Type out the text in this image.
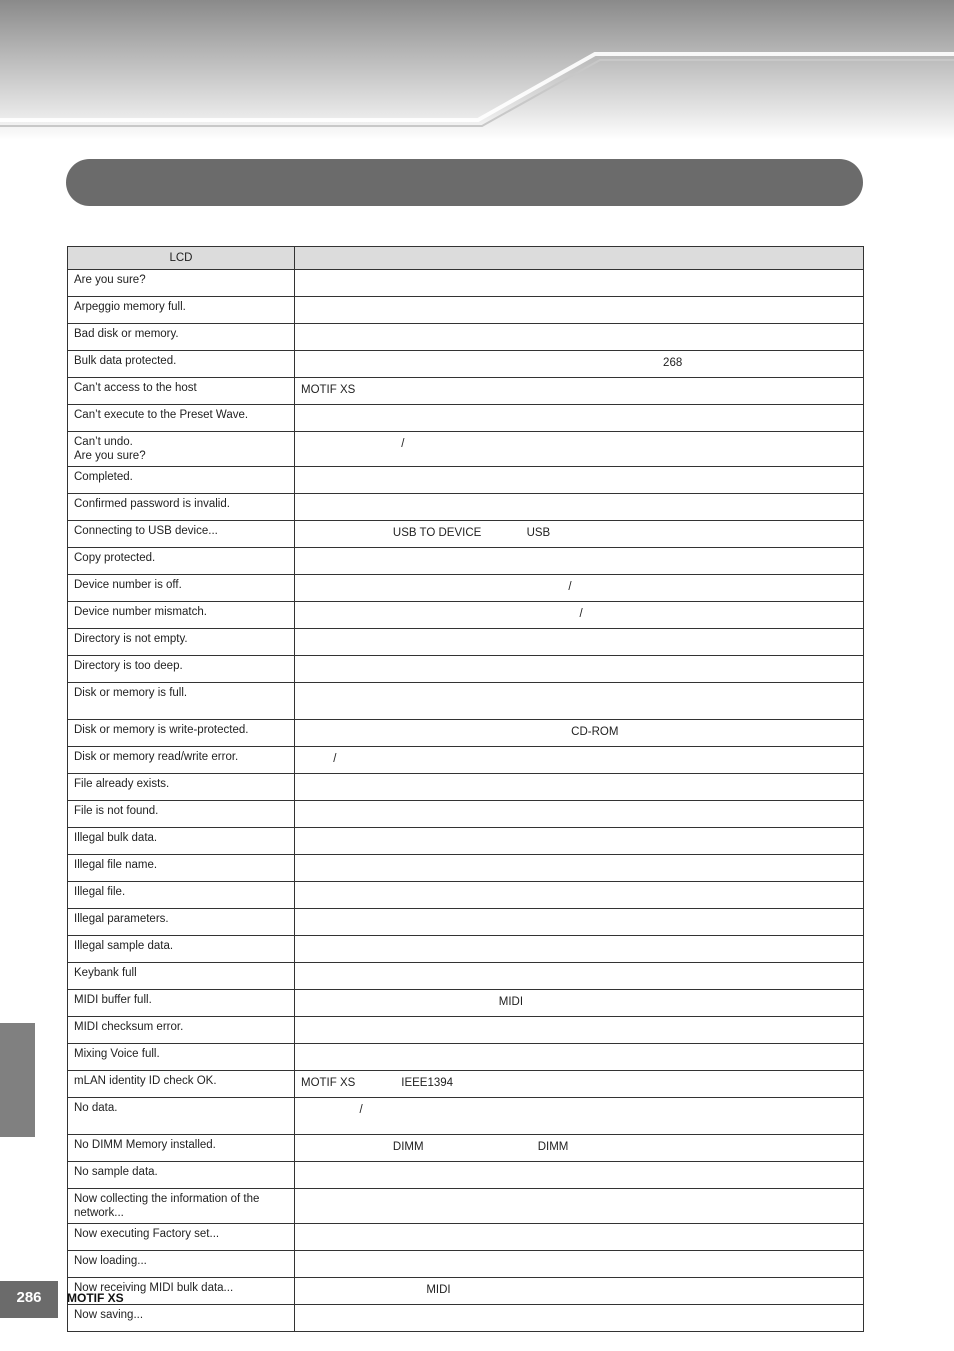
LCD	
Are you sure?	
Arpeggio memory full.	
Bad disk or memory.	
Bulk data protected.	268

Can’t access to the host	MOTIF XS

Can’t execute to the Preset Wave.	
Can’t undo.
Are you sure?	/

Completed.	
Confirmed password is invalid.	
Connecting to USB device...	USB TO DEVICE USB

Copy protected.	
Device number is off.	/

Device number mismatch.	/

Directory is not empty.	
Directory is too deep.	
Disk or memory is full.	
Disk or memory is write-protected.	CD-ROM

Disk or memory read/write error.	/

File already exists.	
File is not found.	
Illegal bulk data.	
Illegal file name.	
Illegal file.	
Illegal parameters.	
Illegal sample data.	
Keybank full	
MIDI buffer full.	MIDI

MIDI checksum error.	
Mixing Voice full.	
mLAN identity ID check OK.	MOTIF XS IEEE1394

No data.	/

No DIMM Memory installed.	DIMM DIMM

No sample data.	
Now collecting the information of the
network...	
Now executing Factory set...	
Now loading...	
Now receiving MIDI bulk data...	MIDI

Now saving...	
286	MOTIF XS
